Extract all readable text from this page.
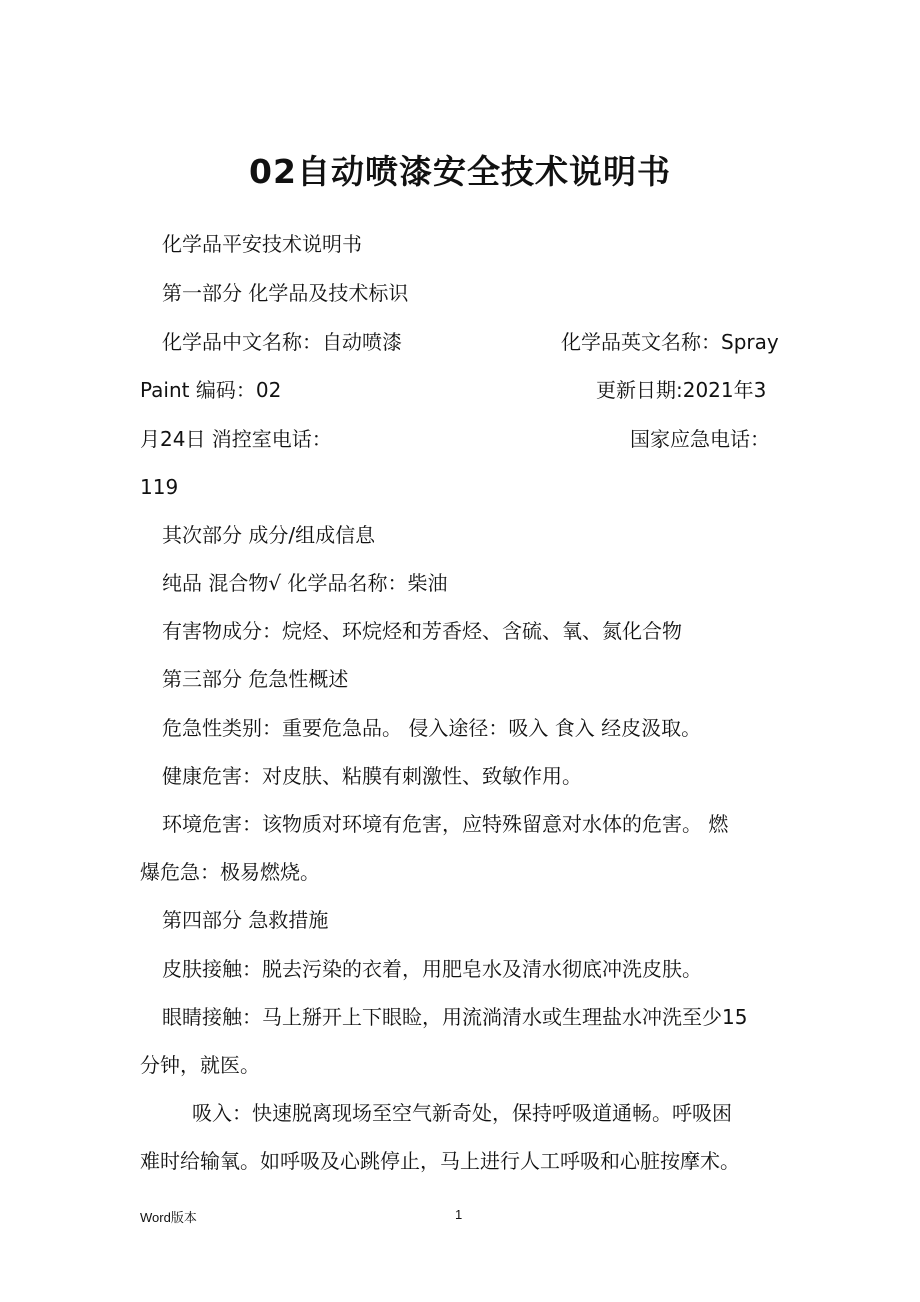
02自动喷漆安全技术说明书
化学品平安技术说明书
第一部分 化学品及技术标识
化学品中文名称：自动喷漆	化学品英文名称：Spray
Paint 编码：02	更新日期:2021年3
月24日 消控室电话：	国家应急电话：
119
其次部分 成分/组成信息
纯品 混合物√ 化学品名称：柴油
有害物成分：烷烃、环烷烃和芳香烃、含硫、氧、氮化合物
第三部分 危急性概述
危急性类别：重要危急品。 侵入途径：吸入 食入 经皮汲取。
健康危害：对皮肤、粘膜有刺激性、致敏作用。
环境危害：该物质对环境有危害，应特殊留意对水体的危害。 燃
爆危急：极易燃烧。
第四部分 急救措施
皮肤接触：脱去污染的衣着，用肥皂水及清水彻底冲洗皮肤。
眼睛接触：马上掰开上下眼睑，用流淌清水或生理盐水冲洗至少15
分钟，就医。
吸入：快速脱离现场至空气新奇处，保持呼吸道通畅。呼吸困
难时给输氧。如呼吸及心跳停止，马上进行人工呼吸和心脏按摩术。
Word版本	1
